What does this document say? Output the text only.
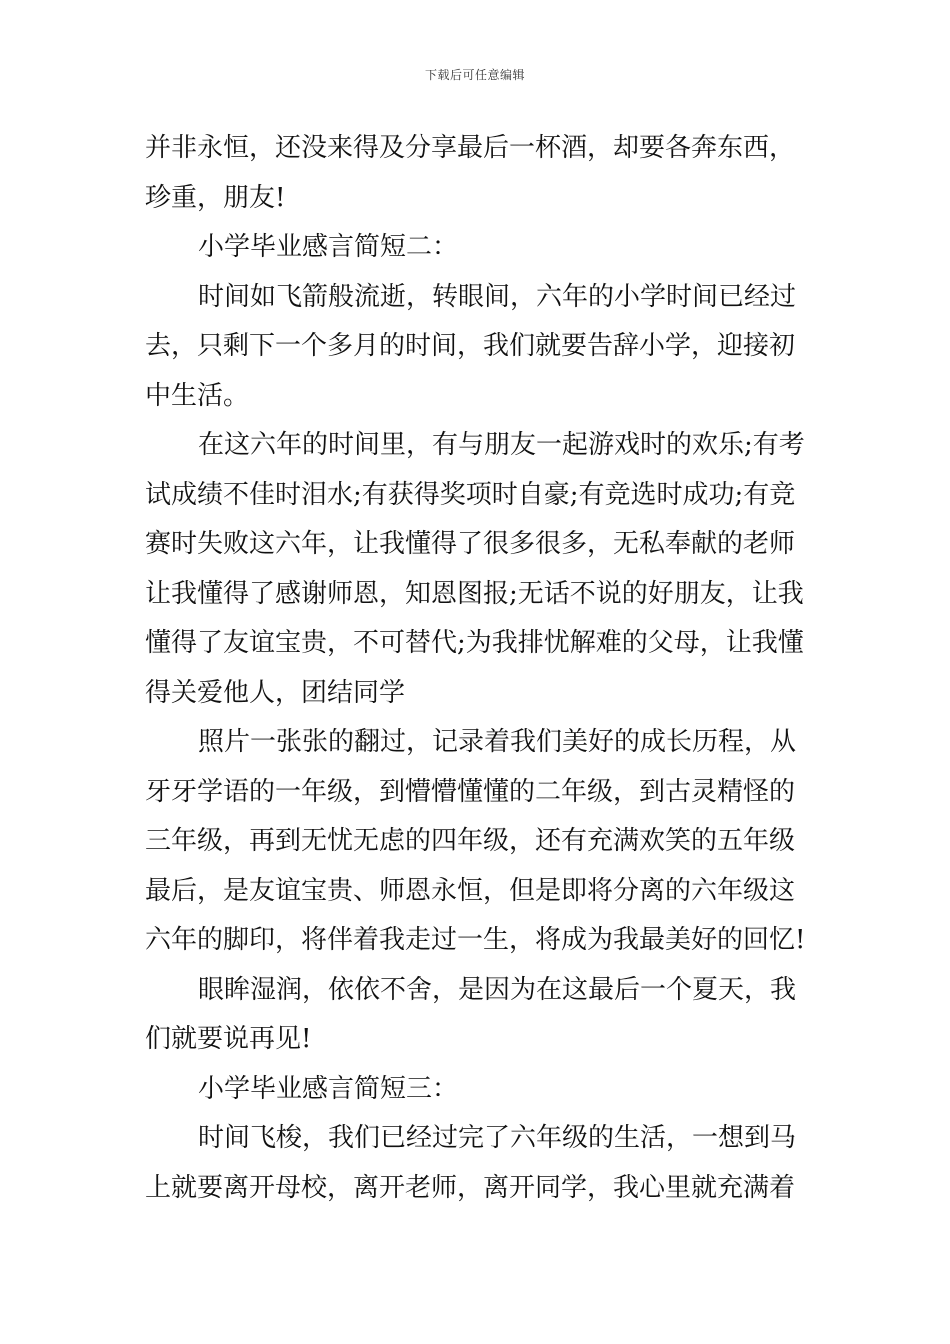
下载后可任意编辑
并非永恒，还没来得及分享最后一杯酒，却要各奔东西，
珍重，朋友!
小学毕业感言简短二：
时间如飞箭般流逝，转眼间，六年的小学时间已经过
去，只剩下一个多月的时间，我们就要告辞小学，迎接初
中生活。
在这六年的时间里，有与朋友一起游戏时的欢乐;有考
试成绩不佳时泪水;有获得奖项时自豪;有竞选时成功;有竞
赛时失败这六年，让我懂得了很多很多，无私奉献的老师
让我懂得了感谢师恩，知恩图报;无话不说的好朋友，让我
懂得了友谊宝贵，不可替代;为我排忧解难的父母，让我懂
得关爱他人，团结同学
照片一张张的翻过，记录着我们美好的成长历程，从
牙牙学语的一年级，到懵懵懂懂的二年级，到古灵精怪的
三年级，再到无忧无虑的四年级，还有充满欢笑的五年级
最后，是友谊宝贵、师恩永恒，但是即将分离的六年级这
六年的脚印，将伴着我走过一生，将成为我最美好的回忆!
眼眸湿润，依依不舍，是因为在这最后一个夏天，我
们就要说再见!
小学毕业感言简短三：
时间飞梭，我们已经过完了六年级的生活，一想到马
上就要离开母校，离开老师，离开同学，我心里就充满着
